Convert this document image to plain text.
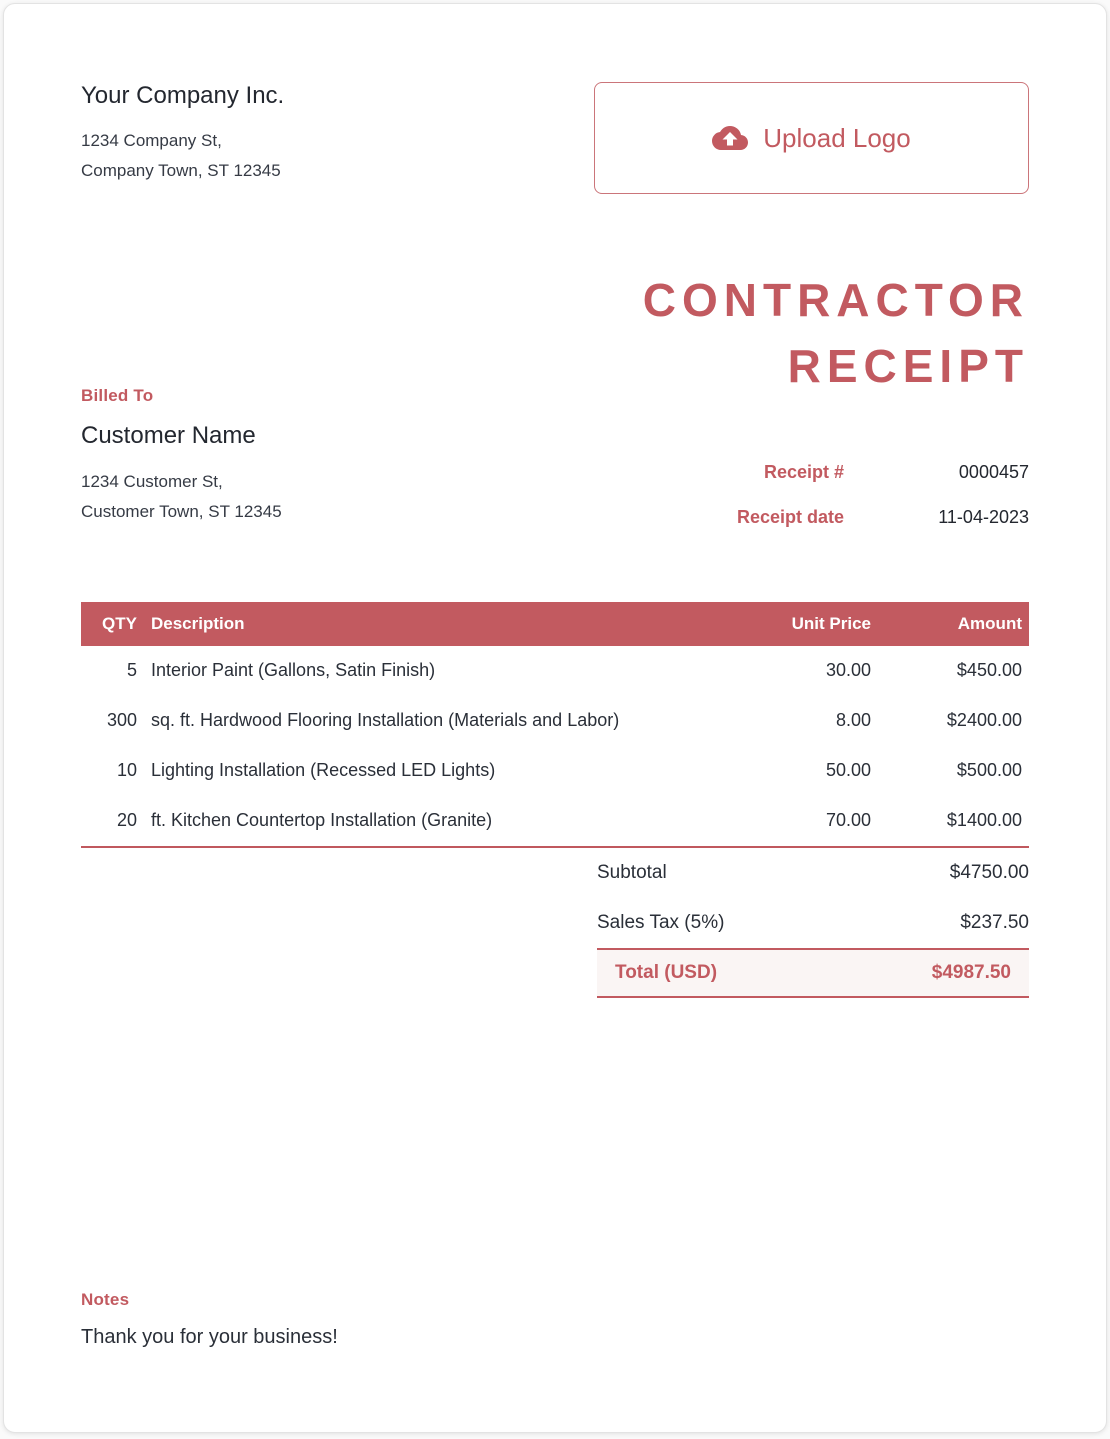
Your Company Inc.
1234 Company St,
Company Town, ST 12345
Upload Logo
Billed To
Customer Name
1234 Customer St,
Customer Town, ST 12345
CONTRACTOR
RECEIPT
Receipt #	0000457
Receipt date	11-04-2023
QTY Description	Unit Price	Amount
5 Interior Paint (Gallons, Satin Finish)	30.00	$450.00
300 sq. ft. Hardwood Flooring Installation (Materials and Labor)	8.00	$2400.00
10 Lighting Installation (Recessed LED Lights)	50.00	$500.00
20 ft. Kitchen Countertop Installation (Granite)	70.00	$1400.00
Subtotal	$4750.00
Sales Tax (5%)	$237.50
Total (USD)	$4987.50
Notes
Thank you for your business!
